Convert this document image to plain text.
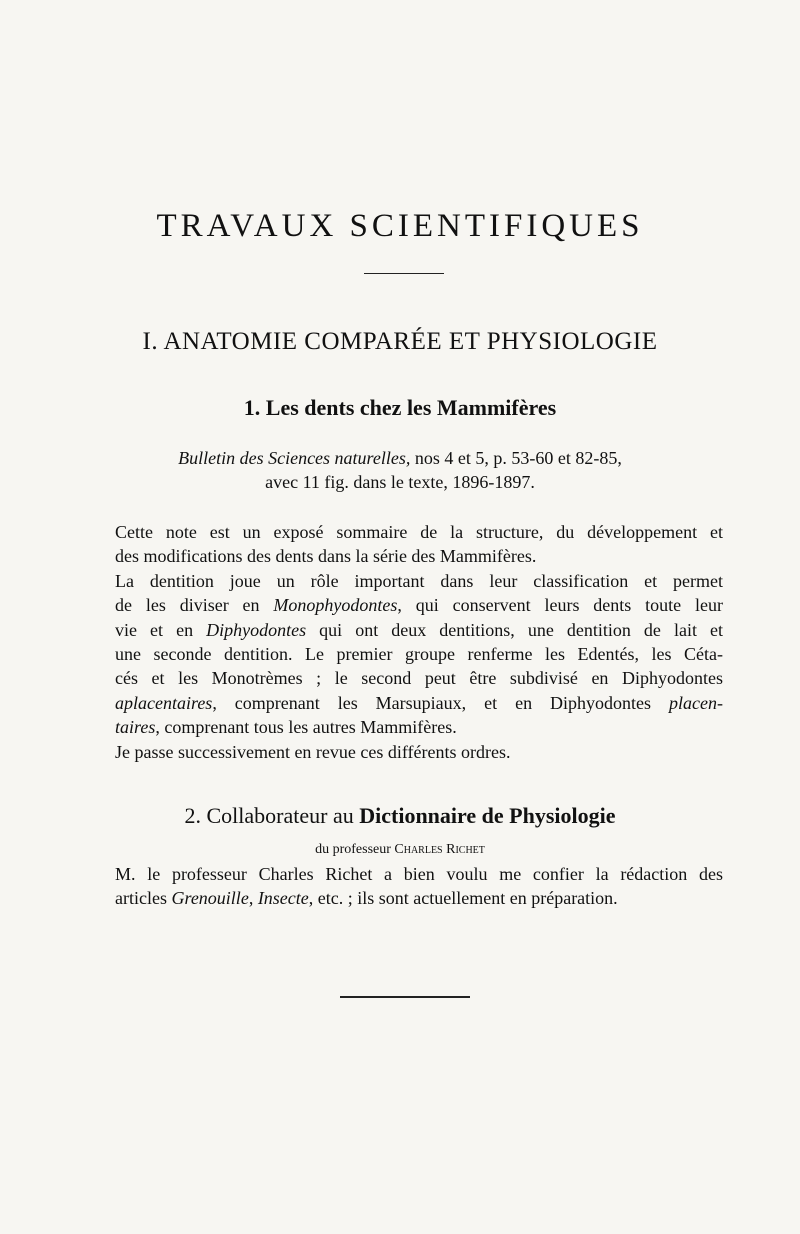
TRAVAUX SCIENTIFIQUES
I. ANATOMIE COMPARÉE ET PHYSIOLOGIE
1. Les dents chez les Mammifères
Bulletin des Sciences naturelles, nos 4 et 5, p. 53-60 et 82-85,
avec 11 fig. dans le texte, 1896-1897.
Cette note est un exposé sommaire de la structure, du développement et
des modifications des dents dans la série des Mammifères.
La dentition joue un rôle important dans leur classification et permet
de les diviser en Monophyodontes, qui conservent leurs dents toute leur
vie et en Diphyodontes qui ont deux dentitions, une dentition de lait et
une seconde dentition. Le premier groupe renferme les Edentés, les Céta-
cés et les Monotrèmes ; le second peut être subdivisé en Diphyodontes
aplacentaires, comprenant les Marsupiaux, et en Diphyodontes placen-
taires, comprenant tous les autres Mammifères.
Je passe successivement en revue ces différents ordres.
2. Collaborateur au Dictionnaire de Physiologie
du professeur Charles Richet
M. le professeur Charles Richet a bien voulu me confier la rédaction des
articles Grenouille, Insecte, etc. ; ils sont actuellement en préparation.
